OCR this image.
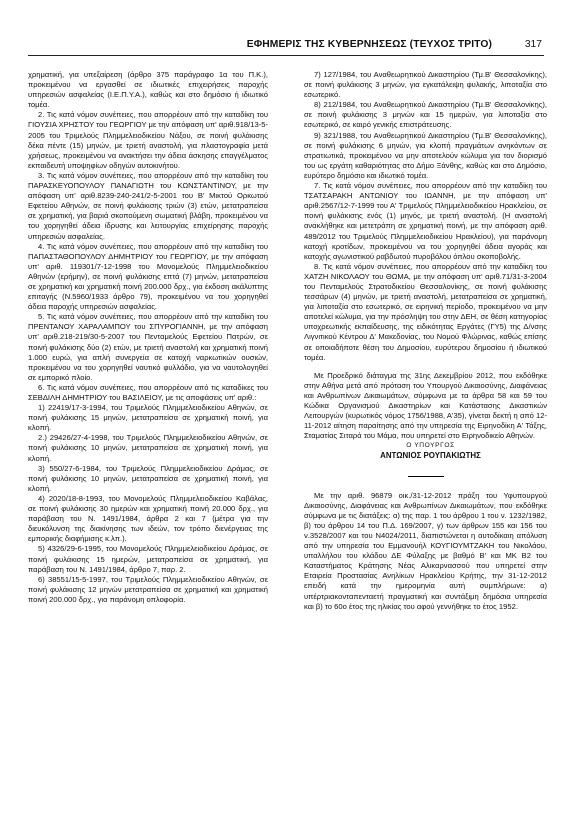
ΕΦΗΜΕΡΙΣ ΤΗΣ ΚΥΒΕΡΝΗΣΕΩΣ (ΤΕΥΧΟΣ ΤΡΙΤΟ)	317

χρηματική, για υπεξαίρεση (άρθρο 375 παράγραφο 1α του Π.Κ.), προκειμένου να εργασθεί σε ιδιωτικές επιχειρήσεις παροχής υπηρεσιών ασφαλείας (Ι.Ε.Π.Υ.Α.), καθώς και στο δημόσιο ή ιδιωτικό τομέα.

2. Τις κατά νόμον συνέπειες, που απορρέουν από την καταδίκη του ΓΙΟΥΣΙΑ ΧΡΗΣΤΟΥ του ΓΕΩΡΓΙΟΥ με την απόφαση υπ' αριθ.918/13-5-2005 του Τριμελούς Πλημμελειοδικείου Νάξου, σε ποινή φυλάκισης δέκα πέντε (15) μηνών, με τριετή αναστολή, για πλαστογραφία μετά χρήσεως, προκειμένου να ανακτήσει την άδεια άσκησης επαγγέλματος εκπαιδευτή υποψηφίων οδηγών αυτοκινήτου.

3. Τις κατά νόμον συνέπειες, που απορρέουν από την καταδίκη του ΠΑΡΑΣΚΕΥΟΠΟΥΛΟΥ ΠΑΝΑΓΙΩΤΗ του ΚΩΝΣΤΑΝΤΙΝΟΥ, με την απόφαση υπ' αριθ.8239-240-241/2-5-2001 του Β' Μικτού Ορκωτού Εφετείου Αθηνών, σε ποινή φυλάκισης τριών (3) ετών, μετατραπείσα σε χρηματική, για βαριά σκοπούμενη σωματική βλάβη, προκειμένου να του χορηγηθεί άδεια ίδρυσης και λειτουργίας επιχείρησης παροχής υπηρεσιών ασφαλείας.

4. Τις κατά νόμον συνέπειες, που απορρέουν από την καταδίκη του ΠΑΠΑΣΤΑΘΟΠΟΥΛΟΥ ΔΗΜΗΤΡΙΟΥ του ΓΕΩΡΓΙΟΥ, με την απόφαση υπ' αριθ. 119301/7-12-1998 του Μονομελούς Πλημμελειοδικείου Αθηνών (ερήμην), σε ποινή φυλάκισης επτά (7) μηνών, μετατραπείσα σε χρηματική και χρηματική ποινή 200.000 δρχ., για έκδοση ακάλυπτης επιταγής (Ν.5960/1933 άρθρο 79), προκειμένου να του χορηγηθεί άδεια παροχής υπηρεσιών ασφαλείας.

5. Τις κατά νόμον συνέπειες, που απορρέουν από την καταδίκη του ΠΡΕΝΤΑΝΟΥ ΧΑΡΑΛΑΜΠΟΥ του ΣΠΥΡΟΓΙΑΝΝΗ, με την απόφαση υπ' αριθ.218-219/30-5-2007 του Πενταμελούς Εφετείου Πατρών, σε ποινή φυλάκισης δύο (2) ετών, με τριετή αναστολή και χρηματική ποινή 1.000 ευρώ, για απλή συνεργεία σε κατοχή ναρκωτικών ουσιών, προκειμένου να του χορηγηθεί ναυτικό φυλλάδιο, για να ναυτολογηθεί σε εμπορικό πλοίο.

6. Τις κατά νόμον συνέπειες, που απορρέουν από τις καταδίκες του ΣΕΒΔΙΛΗ ΔΗΜΗΤΡΙΟΥ του ΒΑΣΙΛΕΙΟΥ, με τις αποφάσεις υπ' αριθ.:

1) 22419/17-3-1994, του Τριμελούς Πλημμελειοδικείου Αθηνών, σε ποινή φυλάκισης 15 μηνών, μετατραπείσα σε χρηματική ποινή, για κλοπή.

2.) 29426/27-4-1998, του Τριμελούς Πλημμελειοδικείου Αθηνών, σε ποινή φυλάκισης 10 μηνών, μετατραπείσα σε χρηματική ποινή, για κλοπή.

3) 550/27-6-1984, του Τριμελούς Πλημμελειοδικείου Δράμας, σε ποινή φυλάκισης 10 μηνών, μετατραπείσα σε χρηματική ποινή, για κλοπή.

4) 2020/18-8-1993, του Μονομελούς Πλημμελειοδικείου Καβάλας, σε ποινή φυλάκισης 30 ημερών και χρηματική ποινή 20.000 δρχ., για παράβαση του Ν. 1491/1984, άρθρα 2 και 7 (μέτρα για την διευκόλυνση της διακίνησης των ιδεών, τον τρόπο διενέργειας της εμπορικής διαφήμισης κ.λπ.).

5) 4326/29-6-1995, του Μονομελούς Πλημμελειοδικείου Δράμας, σε ποινή φυλάκισης 15 ημερών, μετατραπείσα σε χρηματική, για παράβαση του Ν. 1491/1984, άρθρο 7, παρ. 2.

6) 38551/15-5-1997, του Τριμελούς Πλημμελειοδικείου Αθηνών, σε ποινή φυλάκισης 12 μηνών μετατραπείσα σε χρηματική και χρηματική ποινή 200.000 δρχ., για παράνομη οπλοφορία.

7) 127/1984, του Αναθεωρητικού Δικαστηρίου (Τμ.Β' Θεσσαλονίκης), σε ποινή φυλάκισης 3 μηνών, για εγκατάλειψη φυλακής, λιποταξία στο εσωτερικό.

8) 212/1984, του Αναθεωρητικού Δικαστηρίου (Τμ.Β' Θεσσαλονίκης), σε ποινή φυλάκισης 3 μηνών και 15 ημερών, για λιποταξία στο εσωτερικό, σε καιρό γενικής επιστράτευσης.

9) 321/1988, του Αναθεωρητικού Δικαστηρίου (Τμ.Β' Θεσσαλονίκης), σε ποινή φυλάκισης 6 μηνών, για κλοπή πραγμάτων ανηκόντων σε στρατιωτικά, προκειμένου να μην αποτελούν κώλυμα για τον διορισμό του ως εργάτη καθαριότητας στο Δήμο Ξάνθης, καθώς και στο Δημόσιο, ευρύτερο δημόσιο και ιδιωτικό τομέα.

7. Τις κατά νόμον συνέπειες, που απορρέουν από την καταδίκη του ΤΣΑΤΣΑΡΑΚΗ ΑΝΤΩΝΙΟΥ του ΙΩΑΝΝΗ, με την απόφαση υπ' αριθ.2567/12-7-1999 του Α' Τριμελούς Πλημμελειοδικείου Ηρακλείου, σε ποινή φυλάκισης ενός (1) μηνός, με τριετή αναστολή. (Η αναστολή ανακλήθηκε και μετετράπη σε χρηματική ποινή, με την απόφαση αριθ. 489/2012 του Τριμελούς Πλημμελειοδικείου Ηρακλείου), για παράνομη κατοχή κροτίδων, προκειμένου να του χορηγηθεί άδεια αγοράς και κατοχής αγωνιστικού ραβδωτού πυροβόλου όπλου σκοποβολής.

8. Τις κατά νόμον συνέπειες, που απορρέουν από την καταδίκη του ΧΑΤΖΗ ΝΙΚΟΛΑΟΥ του ΘΩΜΑ, με την απόφαση υπ' αριθ.71/31-3-2004 του Πενταμελούς Στρατοδικείου Θεσσαλονίκης, σε ποινή φυλάκισης τεσσάρων (4) μηνών, με τριετή αναστολή, μετατραπείσα σε χρηματική, για λιποταξία στο εσωτερικό, σε ειρηνική περίοδο, προκειμένου να μην αποτελεί κώλυμα, για την πρόσληψη του στην ΔΕΗ, σε θέση κατηγορίας υποχρεωτικής εκπαίδευσης, της ειδικότητας Εργάτες (ΓΥ5) της Δ/νσης Λιγνιτικού Κέντρου Δ' Μακεδονίας, του Νομού Φλώρινας, καθώς επίσης σε οποιαδήποτε θέση του Δημοσίου, ευρύτερου δημοσίου ή ιδιωτικού τομέα.

Με Προεδρικό διάταγμα της 31ης Δεκεμβρίου 2012, που εκδόθηκε στην Αθήνα μετά από πρόταση του Υπουργού Δικαιοσύνης, Διαφάνειας και Ανθρωπίνων Δικαιωμάτων, σύμφωνα με τα άρθρα 58 και 59 του Κώδικα Οργανισμού Δικαστηρίων και Κατάστασης Δικαστικών Λειτουργών (κυρωτικός νόμος 1756/1988, Α'35), γίνεται δεκτή η από 12-11-2012 αίτηση παραίτησης από την υπηρεσία της Ειρηνοδίκη Α' Τάξης, Σταματίας Σιταρά του Μάμα, που υπηρετεί στο Ειρηνοδικείο Αθηνών.

Ο ΥΠΟΥΡΓΟΣ

ΑΝΤΩΝΙΟΣ ΡΟΥΠΑΚΙΩΤΗΣ

Με την αριθ. 96879 οικ./31-12-2012 πράξη του Υφυπουργού Δικαιοσύνης, Διαφάνειας και Ανθρωπίνων Δικαιωμάτων, που εκδόθηκε σύμφωνα με τις διατάξεις: α) της παρ. 1 του άρθρου 1 του ν. 1232/1982, β) του άρθρου 14 του Π.Δ. 169/2007, γ) των άρθρων 155 και 156 του ν.3528/2007 και του Ν4024/2011, διαπιστώνεται η αυτοδίκαιη απόλυση από την υπηρεσία του Εμμανουήλ ΚΟΥΓΙΟΥΜΤΖΑΚΗ του Νικολάου, υπαλλήλου του κλάδου ΔΕ Φύλαξης με βαθμό Β' και ΜΚ Β2 του Καταστήματος Κράτησης Νέας Αλικαρνασσού που υπηρετεί στην Εταιρεία Προστασίας Ανηλίκων Ηρακλείου Κρήτης, την 31-12-2012 επειδή κατά την ημερομηνία αυτή συμπλήρωνε: α) υπέρτριακονταπενταετή πραγματική και συντάξιμη δημόσια υπηρεσία και β) το 60ο έτος της ηλικίας του αφού γεννήθηκε το έτος 1952.
